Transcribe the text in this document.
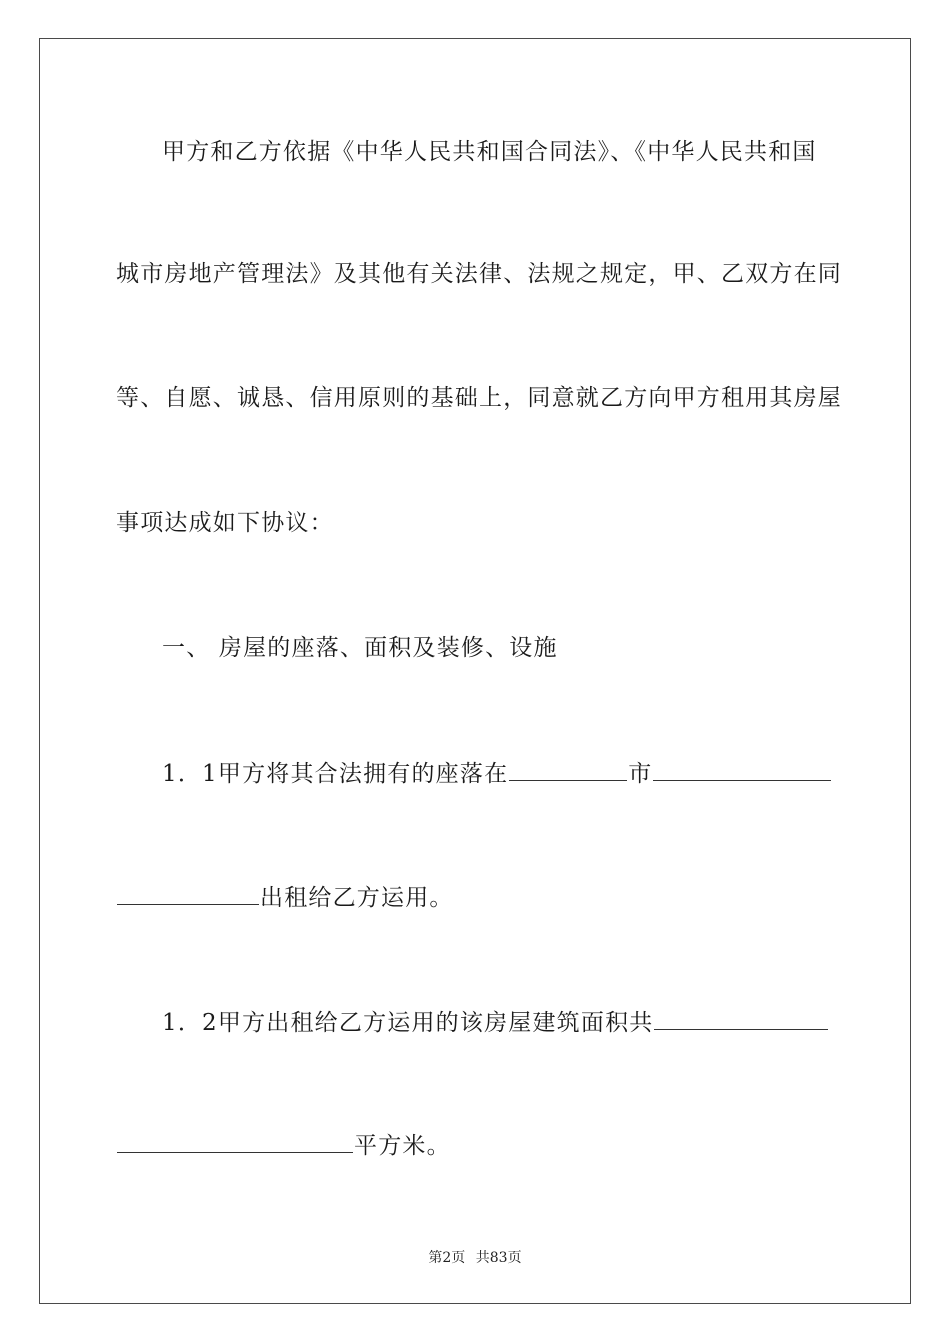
甲方和乙方依据《中华人民共和国合同法》、《中华人民共和国
城市房地产管理法》及其他有关法律、法规之规定，甲、乙双方在同
等、自愿、诚恳、信用原则的基础上，同意就乙方向甲方租用其房屋
事项达成如下协议：
一、 房屋的座落、面积及装修、设施
1．1甲方将其合法拥有的座落在	市
出租给乙方运用。
1．2甲方出租给乙方运用的该房屋建筑面积共
平方米。
第2页 共83页
